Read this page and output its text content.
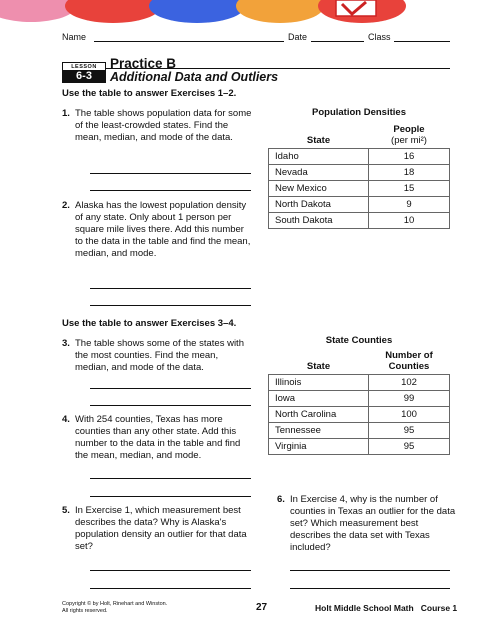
Name	Date	Class
LESSON
6-3
Practice B
Additional Data and Outliers
Use the table to answer Exercises 1–2.
1. The table shows population data for some of the least-crowded states. Find the mean, median, and mode of the data.
2. Alaska has the lowest population density of any state. Only about 1 person per square mile lives there. Add this number to the data in the table and find the mean, median, and mode.
Population Densities
State	People
(per mi²)

Idaho	16
Nevada	18
New Mexico	15
North Dakota	9
South Dakota	10
Use the table to answer Exercises 3–4.
3. The table shows some of the states with the most counties. Find the mean, median, and mode of the data.
4. With 254 counties, Texas has more counties than any other state. Add this number to the data in the table and find the mean, median, and mode.
5. In Exercise 1, which measurement best describes the data? Why is Alaska's population density an outlier for that data set?
State Counties
State	Number of
Counties

Illinois	102
Iowa	99
North Carolina	100
Tennessee	95
Virginia	95
6. In Exercise 4, why is the number of counties in Texas an outlier for the data set? Which measurement best describes the data set with Texas included?
Copyright © by Holt, Rinehart and Winston.
All rights reserved.	27	Holt Middle School Math   Course 1
